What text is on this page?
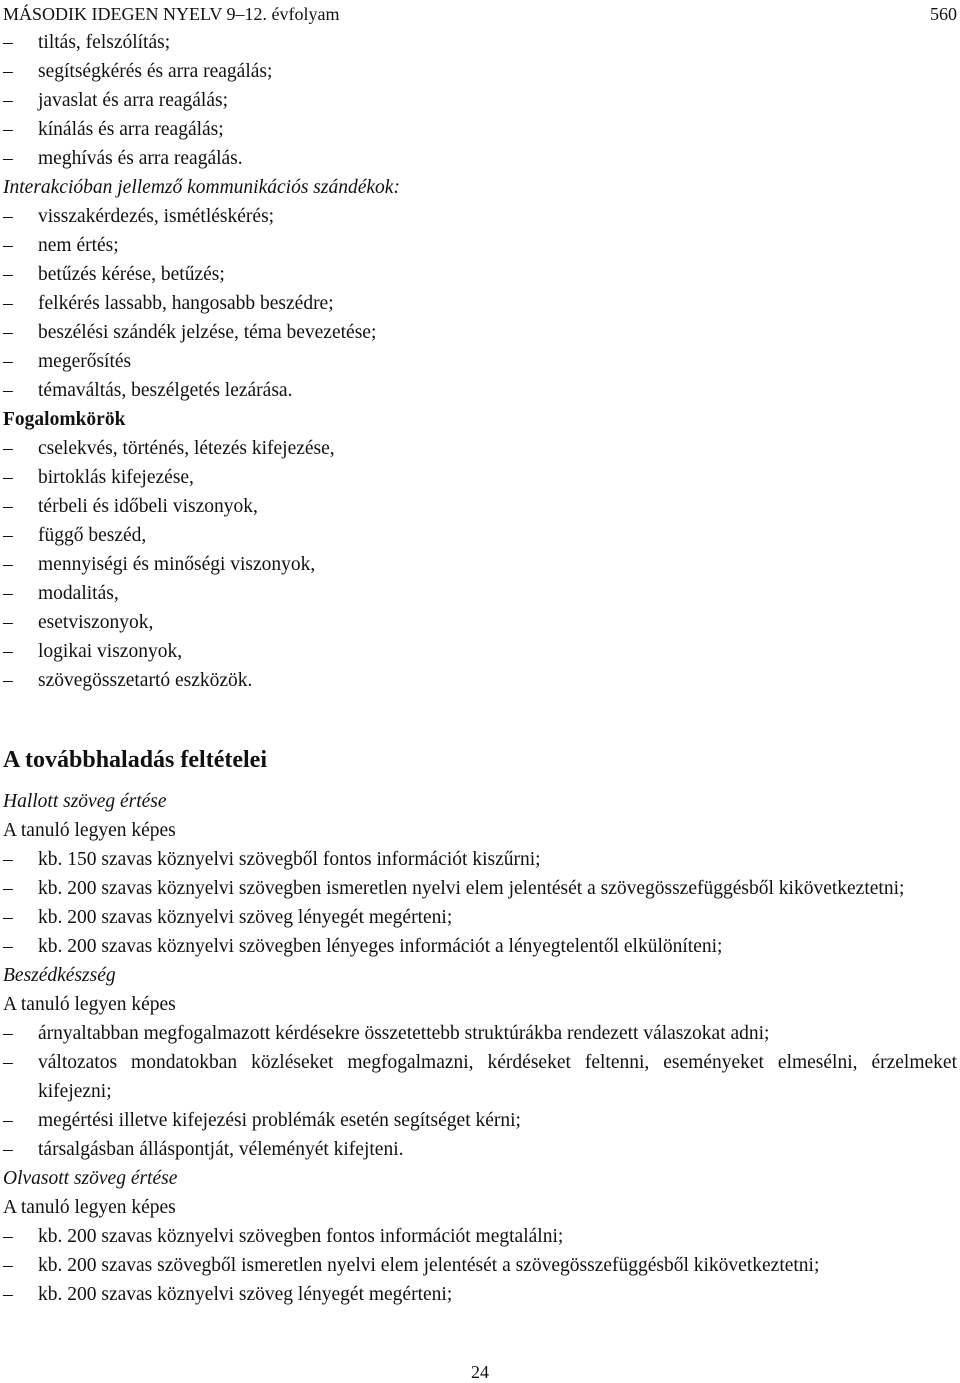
MÁSODIK IDEGEN NYELV 9–12. évfolyam	560
–	tiltás, felszólítás;
–	segítségkérés és arra reagálás;
–	javaslat és arra reagálás;
–	kínálás és arra reagálás;
–	meghívás és arra reagálás.
Interakcióban jellemző kommunikációs szándékok:
–	visszakérdezés, ismétléskérés;
–	nem értés;
–	betűzés kérése, betűzés;
–	felkérés lassabb, hangosabb beszédre;
–	beszélési szándék jelzése, téma bevezetése;
–	megerősítés
–	témaváltás, beszélgetés lezárása.
Fogalomkörök
–	cselekvés, történés, létezés kifejezése,
–	birtoklás kifejezése,
–	térbeli és időbeli viszonyok,
–	függő beszéd,
–	mennyiségi és minőségi viszonyok,
–	modalitás,
–	esetviszonyok,
–	logikai viszonyok,
–	szövegösszetartó eszközök.
A továbbhaladás feltételei
Hallott szöveg értése
A tanuló legyen képes
–	kb. 150 szavas köznyelvi szövegből fontos információt kiszűrni;
–	kb. 200 szavas köznyelvi szövegben ismeretlen nyelvi elem jelentését a szövegösszefüggésből kikövetkeztetni;
–	kb. 200 szavas köznyelvi szöveg lényegét megérteni;
–	kb. 200 szavas köznyelvi szövegben lényeges információt a lényegtelentől elkülöníteni;
Beszédkészség
A tanuló legyen képes
–	árnyaltabban megfogalmazott kérdésekre összetettebb struktúrákba rendezett válaszokat adni;
–	változatos mondatokban közléseket megfogalmazni, kérdéseket feltenni, eseményeket elmesélni, érzelmeket kifejezni;
–	megértési illetve kifejezési problémák esetén segítséget kérni;
–	társalgásban álláspontját, véleményét kifejteni.
Olvasott szöveg értése
A tanuló legyen képes
–	kb. 200 szavas köznyelvi szövegben fontos információt megtalálni;
–	kb. 200 szavas szövegből ismeretlen nyelvi elem jelentését a szövegösszefüggésből kikövetkeztetni;
–	kb. 200 szavas köznyelvi szöveg lényegét megérteni;
24
